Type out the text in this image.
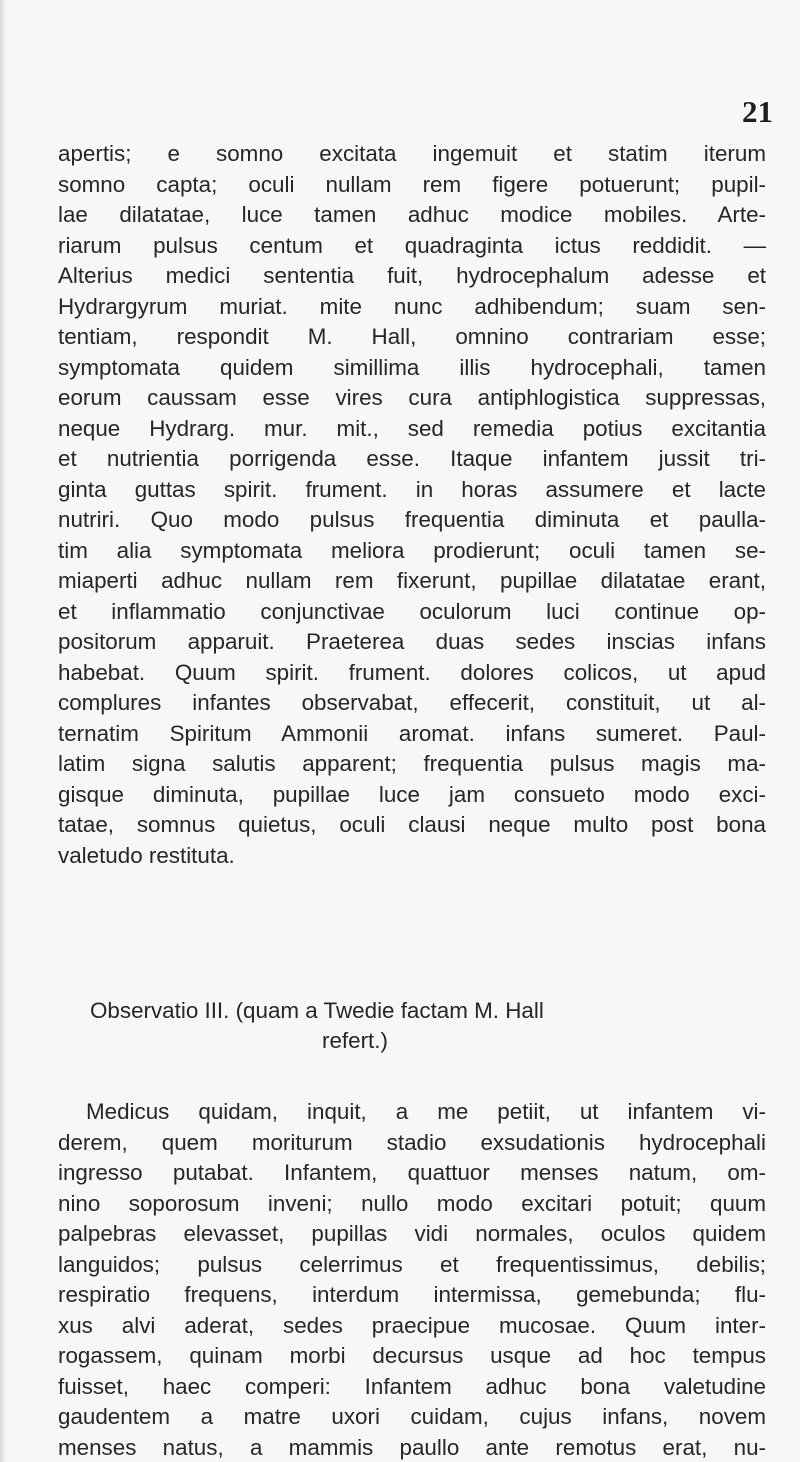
21
apertis; e somno excitata ingemuit et statim iterum
somno capta; oculi nullam rem figere potuerunt; pupil-
lae dilatatae, luce tamen adhuc modice mobiles. Arte-
riarum pulsus centum et quadraginta ictus reddidit. —
Alterius medici sententia fuit, hydrocephalum adesse et
Hydrargyrum muriat. mite nunc adhibendum; suam sen-
tentiam, respondit M. Hall, omnino contrariam esse;
symptomata quidem simillima illis hydrocephali, tamen
eorum caussam esse vires cura antiphlogistica suppressas,
neque Hydrarg. mur. mit., sed remedia potius excitantia
et nutrientia porrigenda esse. Itaque infantem jussit tri-
ginta guttas spirit. frument. in horas assumere et lacte
nutriri. Quo modo pulsus frequentia diminuta et paulla-
tim alia symptomata meliora prodierunt; oculi tamen se-
miaperti adhuc nullam rem fixerunt, pupillae dilatatae erant,
et inflammatio conjunctivae oculorum luci continue op-
positorum apparuit. Praeterea duas sedes inscias infans
habebat. Quum spirit. frument. dolores colicos, ut apud
complures infantes observabat, effecerit, constituit, ut al-
ternatim Spiritum Ammonii aromat. infans sumeret. Paul-
latim signa salutis apparent; frequentia pulsus magis ma-
gisque diminuta, pupillae luce jam consueto modo exci-
tatae, somnus quietus, oculi clausi neque multo post bona
valetudo restituta.
Observatio III. (quam a Twedie factam M. Hall
refert.)
Medicus quidam, inquit, a me petiit, ut infantem vi-
derem, quem moriturum stadio exsudationis hydrocephali
ingresso putabat. Infantem, quattuor menses natum, om-
nino soporosum inveni; nullo modo excitari potuit; quum
palpebras elevasset, pupillas vidi normales, oculos quidem
languidos; pulsus celerrimus et frequentissimus, debilis;
respiratio frequens, interdum intermissa, gemebunda; flu-
xus alvi aderat, sedes praecipue mucosae. Quum inter-
rogassem, quinam morbi decursus usque ad hoc tempus
fuisset, haec comperi: Infantem adhuc bona valetudine
gaudentem a matre uxori cuidam, cujus infans, novem
menses natus, a mammis paullo ante remotus erat, nu-
